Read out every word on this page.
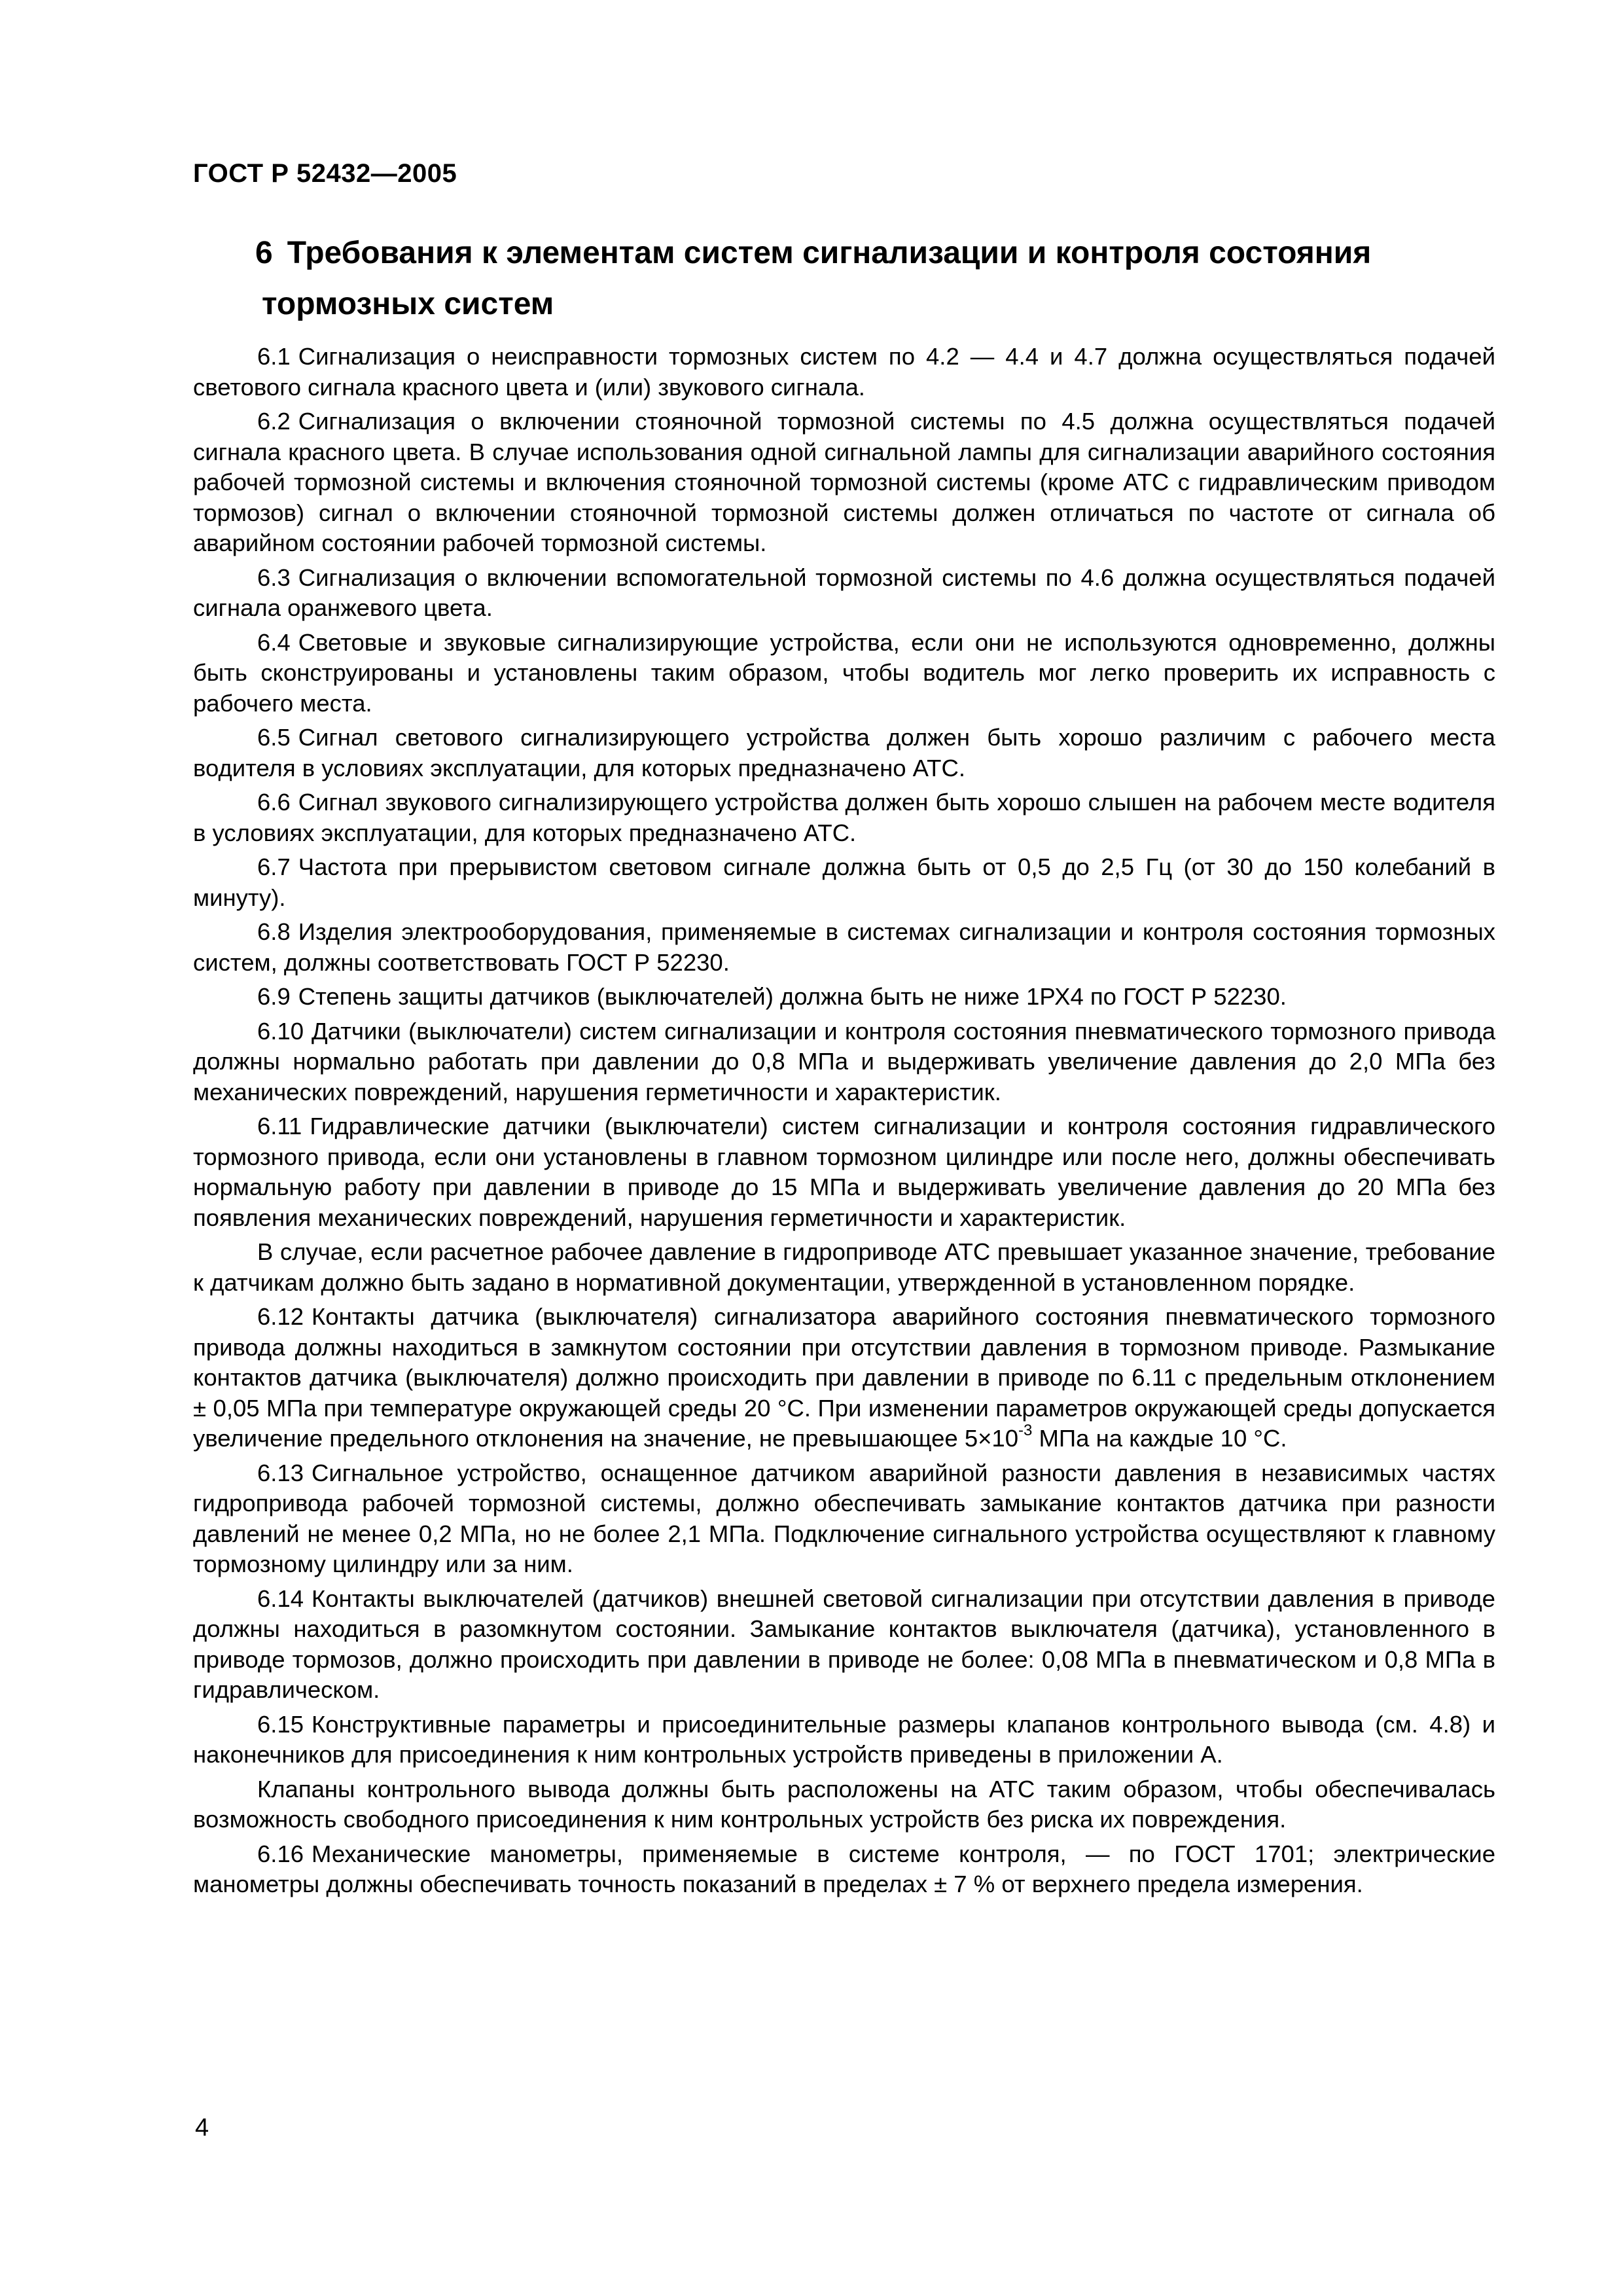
ГОСТ Р 52432—2005
6 Требования к элементам систем сигнализации и контроля состояния
тормозных систем

6.1 Сигнализация о неисправности тормозных систем по 4.2 — 4.4 и 4.7 должна осуществляться подачей светового сигнала красного цвета и (или) звукового сигнала.

6.2 Сигнализация о включении стояночной тормозной системы по 4.5 должна осуществляться подачей сигнала красного цвета. В случае использования одной сигнальной лампы для сигнализации аварийного состояния рабочей тормозной системы и включения стояночной тормозной системы (кроме АТС с гидравлическим приводом тормозов) сигнал о включении стояночной тормозной системы должен отличаться по частоте от сигнала об аварийном состоянии рабочей тормозной системы.

6.3 Сигнализация о включении вспомогательной тормозной системы по 4.6 должна осуществляться подачей сигнала оранжевого цвета.

6.4 Световые и звуковые сигнализирующие устройства, если они не используются одновременно, должны быть сконструированы и установлены таким образом, чтобы водитель мог легко проверить их исправность с рабочего места.

6.5 Сигнал светового сигнализирующего устройства должен быть хорошо различим с рабочего места водителя в условиях эксплуатации, для которых предназначено АТС.

6.6 Сигнал звукового сигнализирующего устройства должен быть хорошо слышен на рабочем месте водителя в условиях эксплуатации, для которых предназначено АТС.

6.7 Частота при прерывистом световом сигнале должна быть от 0,5 до 2,5 Гц (от 30 до 150 колебаний в минуту).

6.8 Изделия электрооборудования, применяемые в системах сигнализации и контроля состояния тормозных систем, должны соответствовать ГОСТ Р 52230.

6.9 Степень защиты датчиков (выключателей) должна быть не ниже 1РХ4 по ГОСТ Р 52230.

6.10 Датчики (выключатели) систем сигнализации и контроля состояния пневматического тормозного привода должны нормально работать при давлении до 0,8 МПа и выдерживать увеличение давления до 2,0 МПа без механических повреждений, нарушения герметичности и характеристик.

6.11 Гидравлические датчики (выключатели) систем сигнализации и контроля состояния гидравлического тормозного привода, если они установлены в главном тормозном цилиндре или после него, должны обеспечивать нормальную работу при давлении в приводе до 15 МПа и выдерживать увеличение давления до 20 МПа без появления механических повреждений, нарушения герметичности и характеристик.

В случае, если расчетное рабочее давление в гидроприводе АТС превышает указанное значение, требование к датчикам должно быть задано в нормативной документации, утвержденной в установленном порядке.

6.12 Контакты датчика (выключателя) сигнализатора аварийного состояния пневматического тормозного привода должны находиться в замкнутом состоянии при отсутствии давления в тормозном приводе. Размыкание контактов датчика (выключателя) должно происходить при давлении в приводе по 6.11 с предельным отклонением ± 0,05 МПа при температуре окружающей среды 20 °С. При изменении параметров окружающей среды допускается увеличение предельного отклонения на значение, не превышающее $5\times 10^{-3}$ МПа на каждые 10 °С.

6.13 Сигнальное устройство, оснащенное датчиком аварийной разности давления в независимых частях гидропривода рабочей тормозной системы, должно обеспечивать замыкание контактов датчика при разности давлений не менее 0,2 МПа, но не более 2,1 МПа. Подключение сигнального устройства осуществляют к главному тормозному цилиндру или за ним.

6.14 Контакты выключателей (датчиков) внешней световой сигнализации при отсутствии давления в приводе должны находиться в разомкнутом состоянии. Замыкание контактов выключателя (датчика), установленного в приводе тормозов, должно происходить при давлении в приводе не более: 0,08 МПа в пневматическом и 0,8 МПа в гидравлическом.

6.15 Конструктивные параметры и присоединительные размеры клапанов контрольного вывода (см. 4.8) и наконечников для присоединения к ним контрольных устройств приведены в приложении А.

Клапаны контрольного вывода должны быть расположены на АТС таким образом, чтобы обеспечивалась возможность свободного присоединения к ним контрольных устройств без риска их повреждения.

6.16 Механические манометры, применяемые в системе контроля, — по ГОСТ 1701; электрические манометры должны обеспечивать точность показаний в пределах ± 7 % от верхнего предела измерения.

4
